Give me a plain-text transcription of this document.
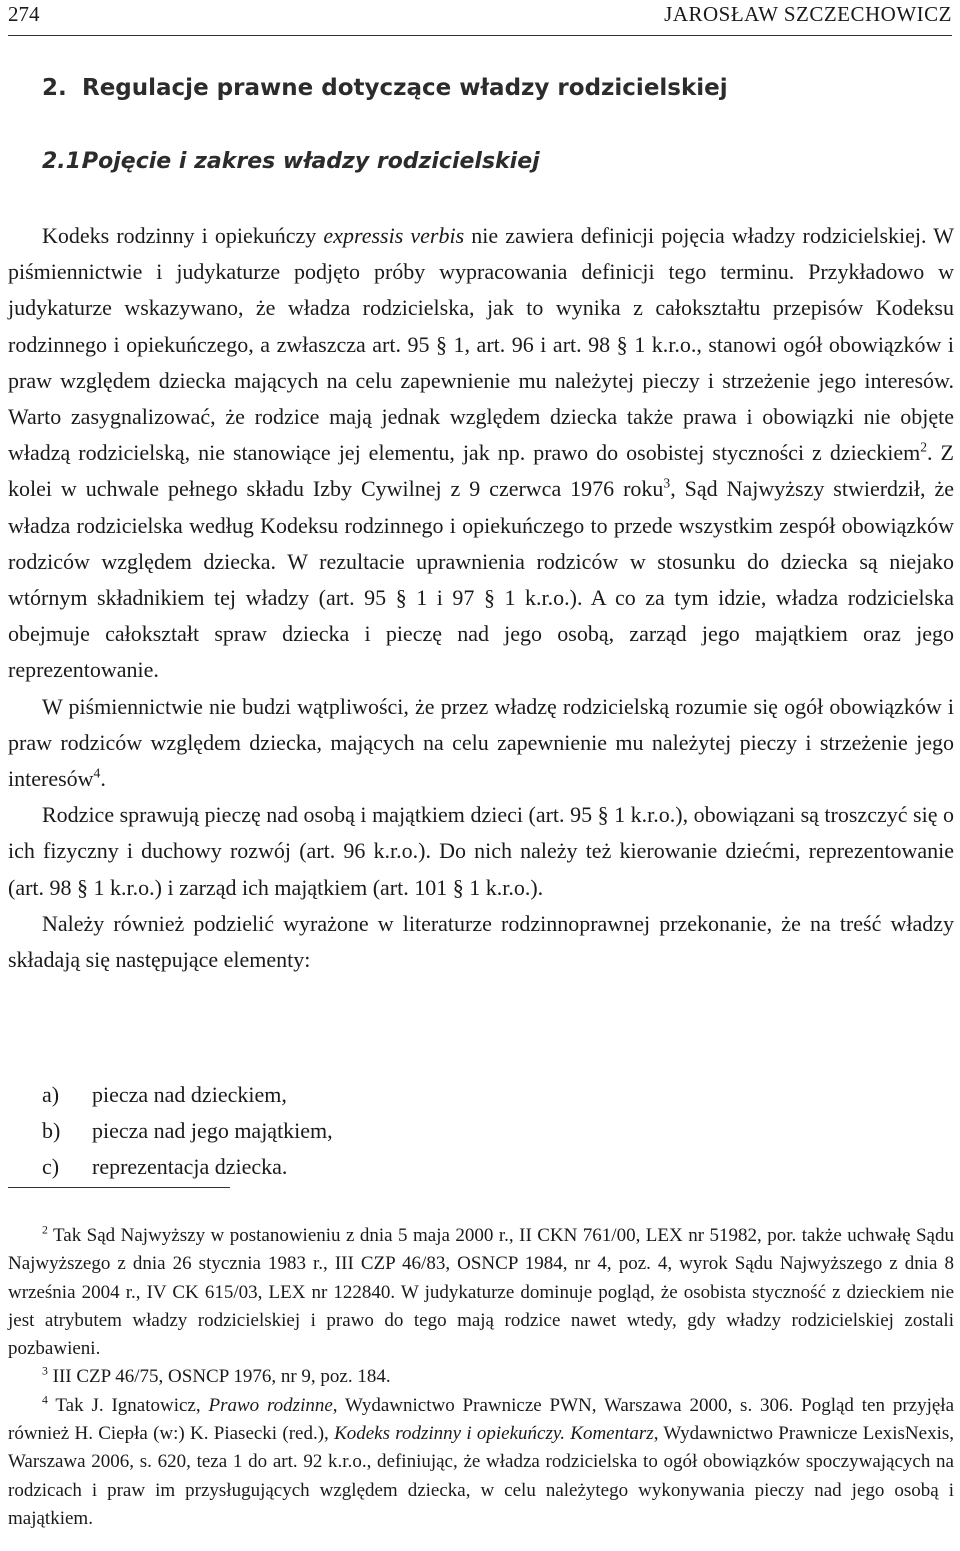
274	JAROSŁAW SZCZECHOWICZ
2. Regulacje prawne dotyczące władzy rodzicielskiej
2.1.Pojęcie i zakres władzy rodzicielskiej

Kodeks rodzinny i opiekuńczy expressis verbis nie zawiera definicji pojęcia władzy rodzicielskiej. W piśmiennictwie i judykaturze podjęto próby wypracowania definicji tego terminu. Przykładowo w judykaturze wskazywano, że władza rodzicielska, jak to wynika z całokształtu przepisów Kodeksu rodzinnego i opiekuńczego, a zwłaszcza art. 95 § 1, art. 96 i art. 98 § 1 k.r.o., stanowi ogół obowiązków i praw względem dziecka mających na celu zapewnienie mu należytej pieczy i strzeżenie jego interesów. Warto zasygnalizować, że rodzice mają jednak względem dziecka także prawa i obowiązki nie objęte władzą rodzicielską, nie stanowiące jej elementu, jak np. prawo do osobistej styczności z dzieckiem$^2$. Z kolei w uchwale pełnego składu Izby Cywilnej z 9 czerwca 1976 roku$^3$, Sąd Najwyższy stwierdził, że władza rodzicielska według Kodeksu rodzinnego i opiekuńczego to przede wszystkim zespół obowiązków rodziców względem dziecka. W rezultacie uprawnienia rodziców w stosunku do dziecka są niejako wtórnym składnikiem tej władzy (art. 95 § 1 i 97 § 1 k.r.o.). A co za tym idzie, władza rodzicielska obejmuje całokształt spraw dziecka i pieczę nad jego osobą, zarząd jego majątkiem oraz jego reprezentowanie.

W piśmiennictwie nie budzi wątpliwości, że przez władzę rodzicielską rozumie się ogół obowiązków i praw rodziców względem dziecka, mających na celu zapewnienie mu należytej pieczy i strzeżenie jego interesów$^4$.

Rodzice sprawują pieczę nad osobą i majątkiem dzieci (art. 95 § 1 k.r.o.), obowiązani są troszczyć się o ich fizyczny i duchowy rozwój (art. 96 k.r.o.). Do nich należy też kierowanie dziećmi, reprezentowanie (art. 98 § 1 k.r.o.) i zarząd ich majątkiem (art. 101 § 1 k.r.o.).

Należy również podzielić wyrażone w literaturze rodzinnoprawnej przekonanie, że na treść władzy składają się następujące elementy:

a)	piecza nad dzieckiem,
b)	piecza nad jego majątkiem,
c)	reprezentacja dziecka.

$^2$ Tak Sąd Najwyższy w postanowieniu z dnia 5 maja 2000 r., II CKN 761/00, LEX nr 51982, por. także uchwałę Sądu Najwyższego z dnia 26 stycznia 1983 r., III CZP 46/83, OSNCP 1984, nr 4, poz. 4, wyrok Sądu Najwyższego z dnia 8 września 2004 r., IV CK 615/03, LEX nr 122840. W judykaturze dominuje pogląd, że osobista styczność z dzieckiem nie jest atrybutem władzy rodzicielskiej i prawo do tego mają rodzice nawet wtedy, gdy władzy rodzicielskiej zostali pozbawieni.

$^3$ III CZP 46/75, OSNCP 1976, nr 9, poz. 184.

$^4$ Tak J. Ignatowicz, Prawo rodzinne, Wydawnictwo Prawnicze PWN, Warszawa 2000, s. 306. Pogląd ten przyjęła również H. Ciepła (w:) K. Piasecki (red.), Kodeks rodzinny i opiekuńczy. Komentarz, Wydawnictwo Prawnicze LexisNexis, Warszawa 2006, s. 620, teza 1 do art. 92 k.r.o., definiując, że władza rodzicielska to ogół obowiązków spoczywających na rodzicach i praw im przysługujących względem dziecka, w celu należytego wykonywania pieczy nad jego osobą i majątkiem.
